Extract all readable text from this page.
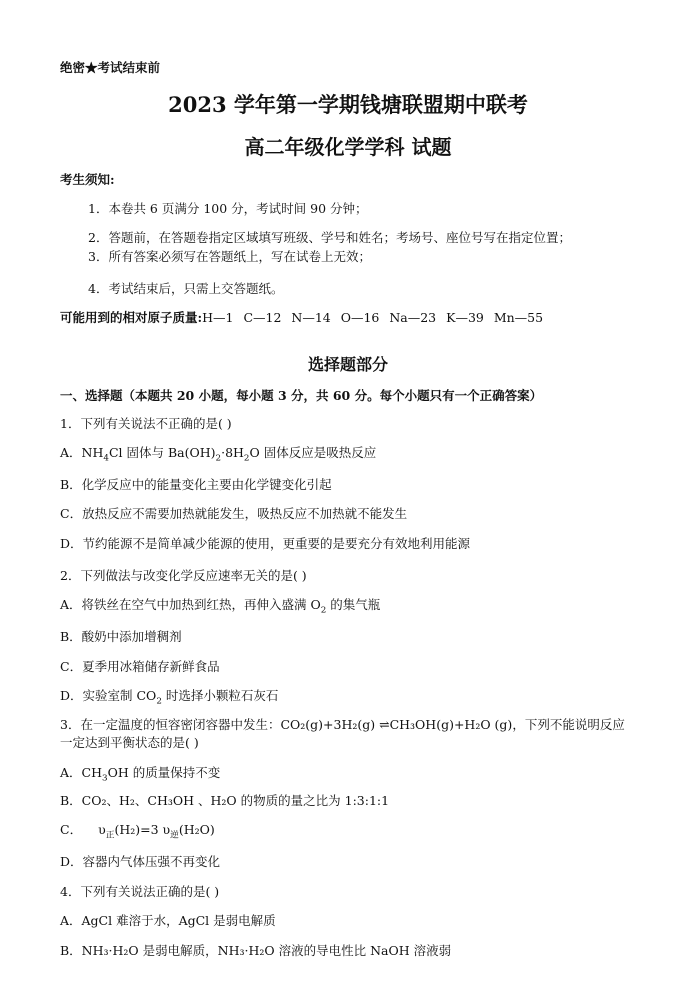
绝密★考试结束前
2023 学年第一学期钱塘联盟期中联考
高二年级化学学科 试题
考生须知:
1．本卷共 6 页满分 100 分，考试时间 90 分钟；
2．答题前，在答题卷指定区域填写班级、学号和姓名；考场号、座位号写在指定位置；
3．所有答案必须写在答题纸上，写在试卷上无效；
4．考试结束后，只需上交答题纸。
可能用到的相对原子质量:H—1 C—12 N—14 O—16 Na—23 K—39 Mn—55
选择题部分
一、选择题（本题共 20 小题，每小题 3 分，共 60 分。每个小题只有一个正确答案）
1．下列有关说法不正确的是( )
A．$NH_4Cl$ 固体与 $Ba(OH)_2\cdot 8H_2O$ 固体反应是吸热反应
B．化学反应中的能量变化主要由化学键变化引起
C．放热反应不需要加热就能发生，吸热反应不加热就不能发生
D．节约能源不是简单减少能源的使用，更重要的是要充分有效地利用能源
2．下列做法与改变化学反应速率无关的是( )
A．将铁丝在空气中加热到红热，再伸入盛满 $O_2$ 的集气瓶
B．酸奶中添加增稠剂
C．夏季用冰箱储存新鲜食品
D．实验室制 $CO_2$ 时选择小颗粒石灰石
3．在一定温度的恒容密闭容器中发生：CO₂(g)+3H₂(g) ⇌CH₃OH(g)+H₂O (g)，下列不能说明反应
一定达到平衡状态的是( )
A．$CH_3OH$ 的质量保持不变
B．CO₂、H₂、CH₃OH 、H₂O 的物质的量之比为 1:3:1:1
C． $\upsilon_正(H_2)=3$ $\upsilon_逆(H_2O)$
D．容器内气体压强不再变化
4．下列有关说法正确的是( )
A．AgCl 难溶于水，AgCl 是弱电解质
B．NH₃·H₂O 是弱电解质，NH₃·H₂O 溶液的导电性比 NaOH 溶液弱
